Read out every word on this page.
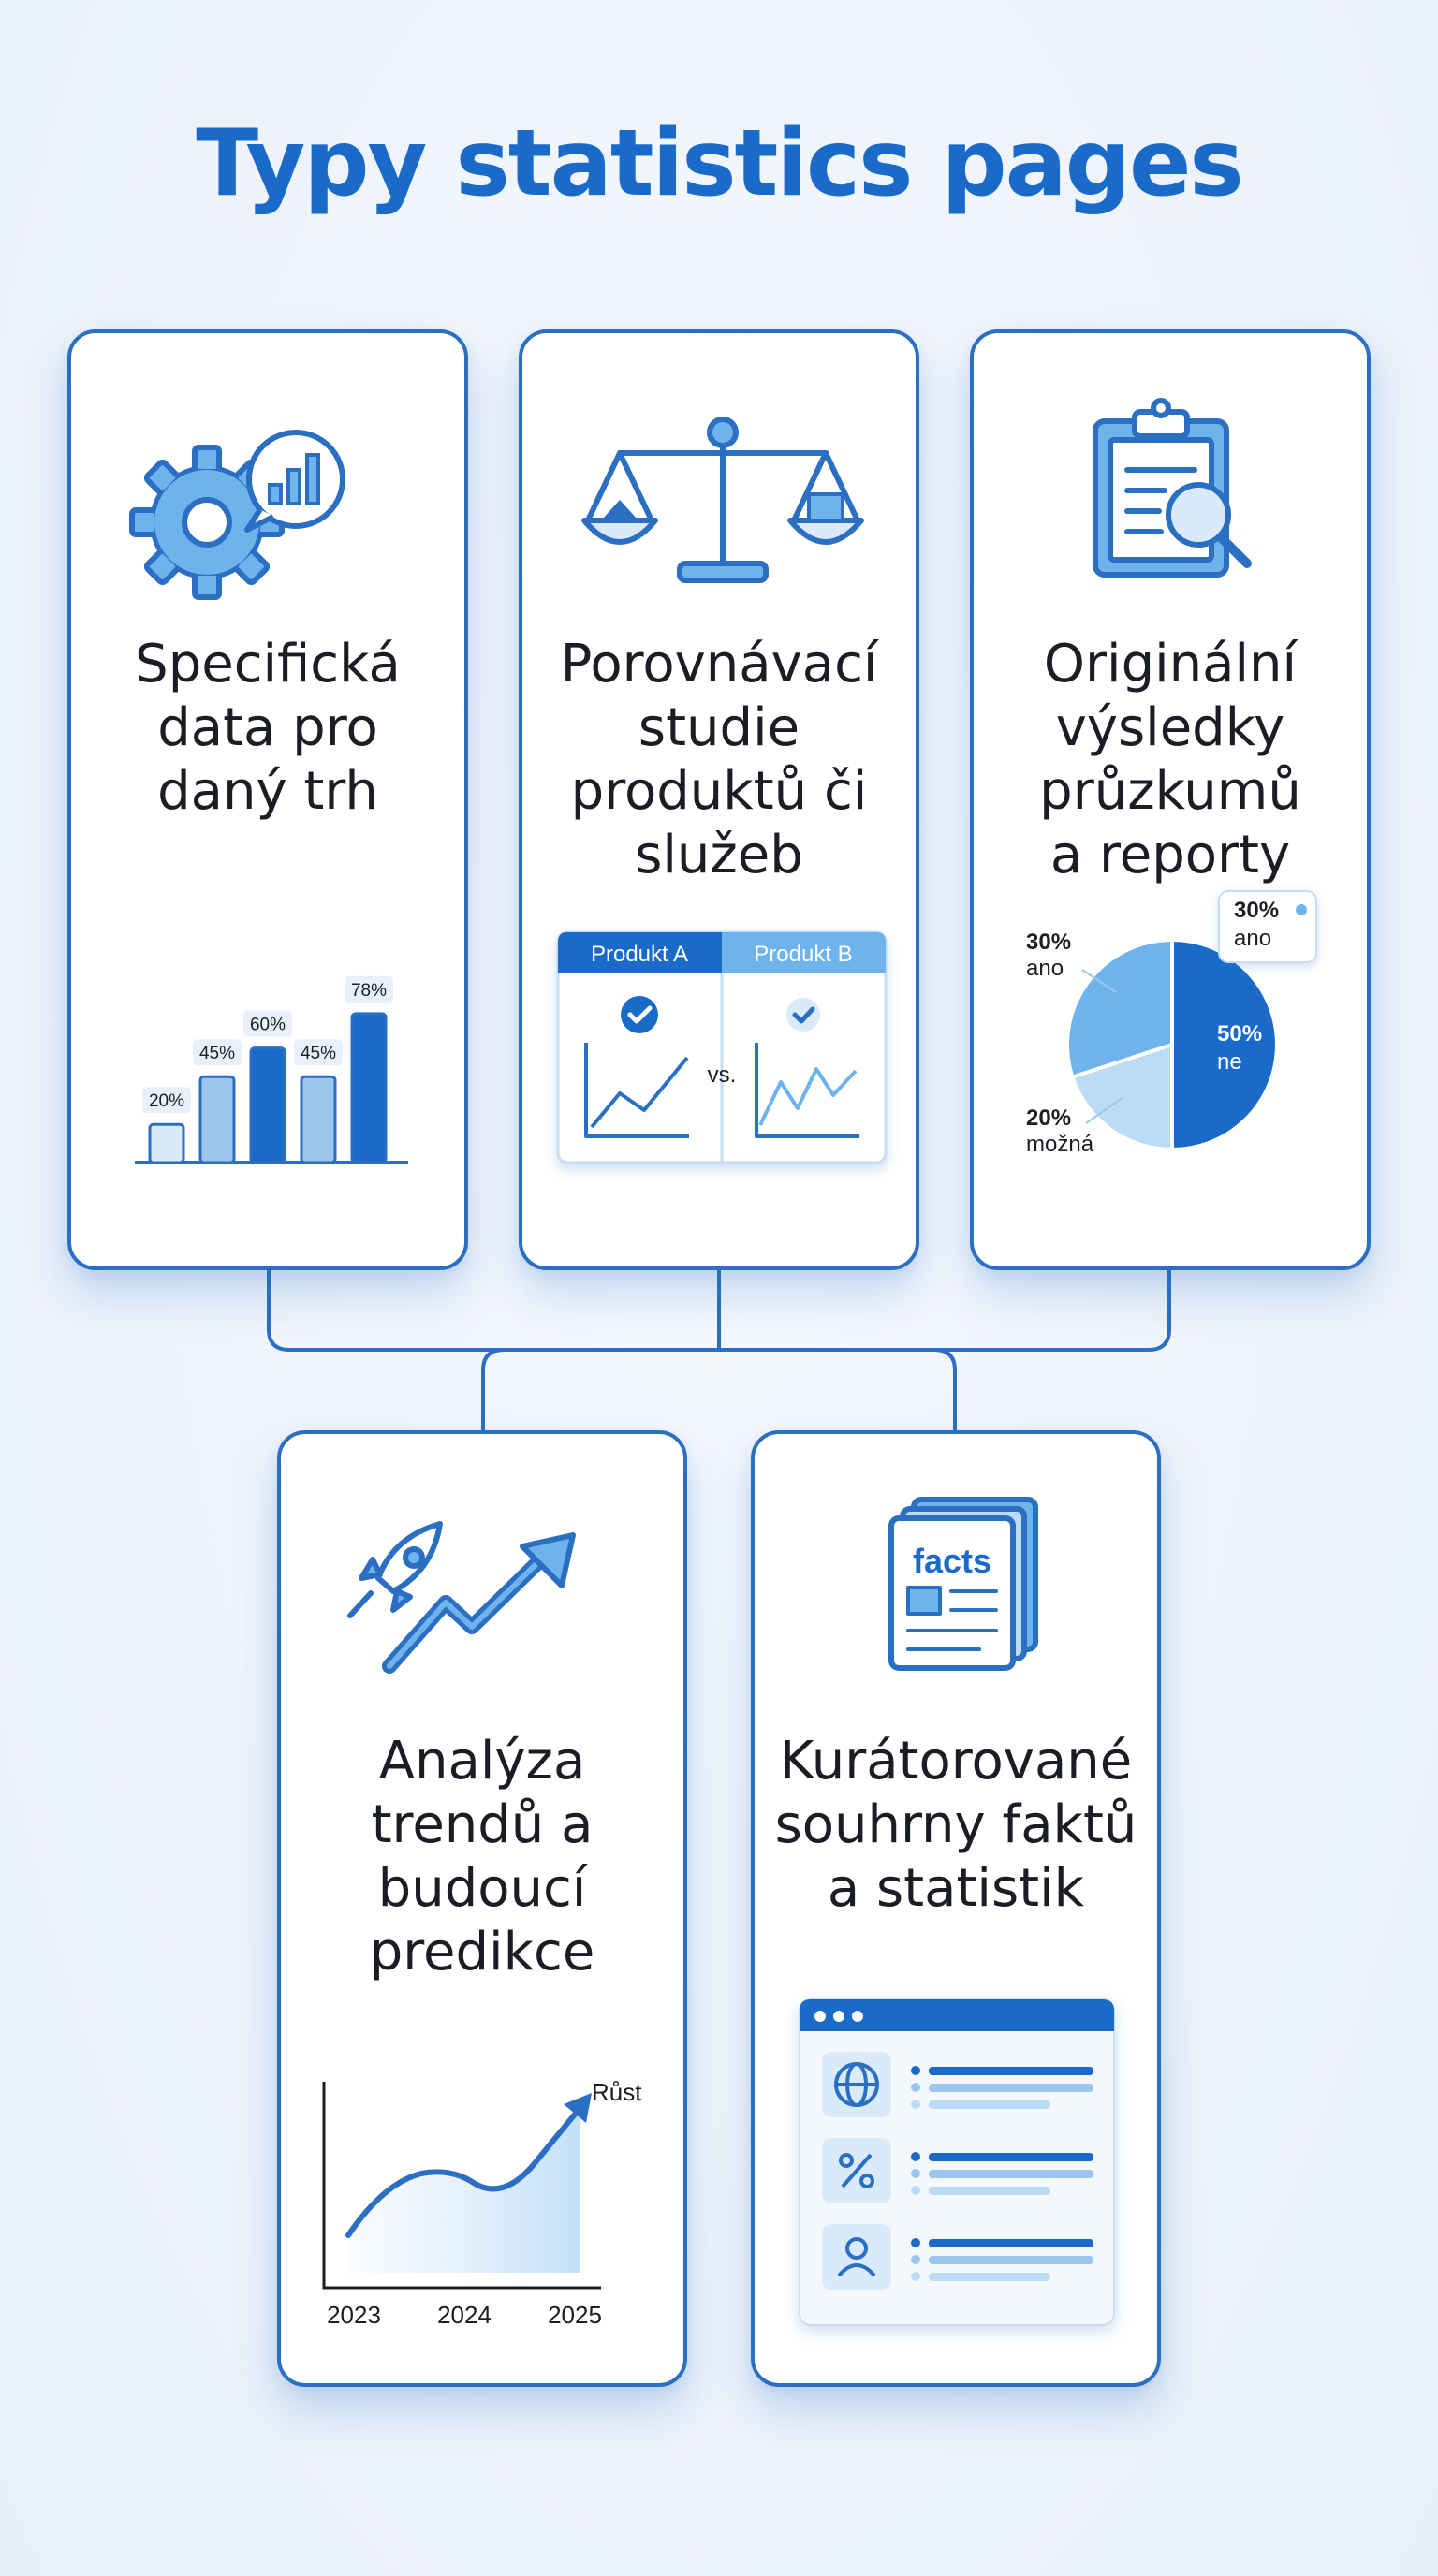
Typy statistics pages
Specifická
data pro
daný trh
20%
45%
60%
45%
78%
Porovnávací
studie
produktů či
služeb
Produkt A	Produkt B
vs.
Originální
výsledky
průzkumů
a reporty
50%
ne
20%
možná
30%
ano
30%
ano
Analýza
trendů a
budoucí
predikce
Růst
2023 2024 2025
facts
Kurátorované
souhrny faktů
a statistik
